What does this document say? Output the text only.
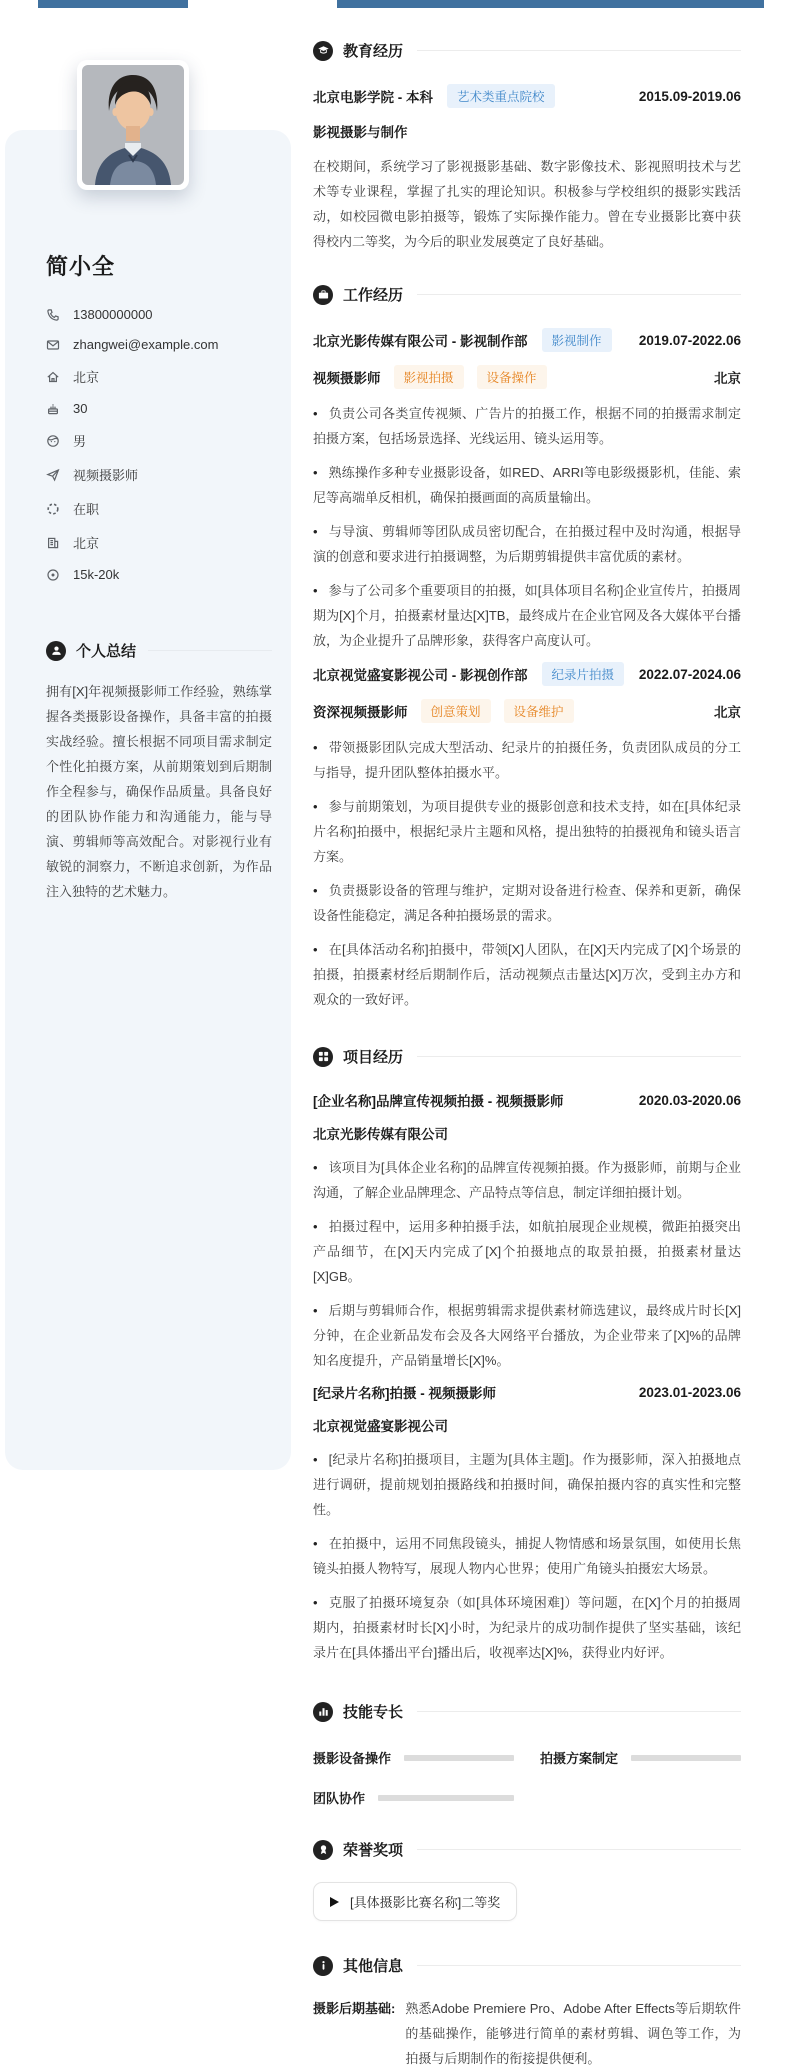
简小全
13800000000
zhangwei@example.com
北京
30
男
视频摄影师
在职
北京
15k-20k
个人总结
拥有[X]年视频摄影师工作经验，熟练掌握各类摄影设备操作，具备丰富的拍摄实战经验。擅长根据不同项目需求制定个性化拍摄方案，从前期策划到后期制作全程参与，确保作品质量。具备良好的团队协作能力和沟通能力，能与导演、剪辑师等高效配合。对影视行业有敏锐的洞察力，不断追求创新，为作品注入独特的艺术魅力。
教育经历
北京电影学院 - 本科	艺术类重点院校	2015.09-2019.06
影视摄影与制作
在校期间，系统学习了影视摄影基础、数字影像技术、影视照明技术与艺术等专业课程，掌握了扎实的理论知识。积极参与学校组织的摄影实践活动，如校园微电影拍摄等，锻炼了实际操作能力。曾在专业摄影比赛中获得校内二等奖，为今后的职业发展奠定了良好基础。
工作经历
北京光影传媒有限公司 - 影视制作部	影视制作	2019.07-2022.06
视频摄影师	影视拍摄	设备操作	北京
• 负责公司各类宣传视频、广告片的拍摄工作，根据不同的拍摄需求制定拍摄方案，包括场景选择、光线运用、镜头运用等。
• 熟练操作多种专业摄影设备，如RED、ARRI等电影级摄影机，佳能、索尼等高端单反相机，确保拍摄画面的高质量输出。
• 与导演、剪辑师等团队成员密切配合，在拍摄过程中及时沟通，根据导演的创意和要求进行拍摄调整，为后期剪辑提供丰富优质的素材。
• 参与了公司多个重要项目的拍摄，如[具体项目名称]企业宣传片，拍摄周期为[X]个月，拍摄素材量达[X]TB，最终成片在企业官网及各大媒体平台播放，为企业提升了品牌形象，获得客户高度认可。
北京视觉盛宴影视公司 - 影视创作部	纪录片拍摄	2022.07-2024.06
资深视频摄影师	创意策划	设备维护	北京
• 带领摄影团队完成大型活动、纪录片的拍摄任务，负责团队成员的分工与指导，提升团队整体拍摄水平。
• 参与前期策划，为项目提供专业的摄影创意和技术支持，如在[具体纪录片名称]拍摄中，根据纪录片主题和风格，提出独特的拍摄视角和镜头语言方案。
• 负责摄影设备的管理与维护，定期对设备进行检查、保养和更新，确保设备性能稳定，满足各种拍摄场景的需求。
• 在[具体活动名称]拍摄中，带领[X]人团队，在[X]天内完成了[X]个场景的拍摄，拍摄素材经后期制作后，活动视频点击量达[X]万次，受到主办方和观众的一致好评。
项目经历
[企业名称]品牌宣传视频拍摄 - 视频摄影师	2020.03-2020.06
北京光影传媒有限公司
• 该项目为[具体企业名称]的品牌宣传视频拍摄。作为摄影师，前期与企业沟通，了解企业品牌理念、产品特点等信息，制定详细拍摄计划。
• 拍摄过程中，运用多种拍摄手法，如航拍展现企业规模，微距拍摄突出产品细节，在[X]天内完成了[X]个拍摄地点的取景拍摄，拍摄素材量达[X]GB。
• 后期与剪辑师合作，根据剪辑需求提供素材筛选建议，最终成片时长[X]分钟，在企业新品发布会及各大网络平台播放，为企业带来了[X]%的品牌知名度提升，产品销量增长[X]%。
[纪录片名称]拍摄 - 视频摄影师	2023.01-2023.06
北京视觉盛宴影视公司
• [纪录片名称]拍摄项目，主题为[具体主题]。作为摄影师，深入拍摄地点进行调研，提前规划拍摄路线和拍摄时间，确保拍摄内容的真实性和完整性。
• 在拍摄中，运用不同焦段镜头，捕捉人物情感和场景氛围，如使用长焦镜头拍摄人物特写，展现人物内心世界；使用广角镜头拍摄宏大场景。
• 克服了拍摄环境复杂（如[具体环境困难]）等问题，在[X]个月的拍摄周期内，拍摄素材时长[X]小时，为纪录片的成功制作提供了坚实基础，该纪录片在[具体播出平台]播出后，收视率达[X]%，获得业内好评。
技能专长
摄影设备操作	拍摄方案制定
团队协作
荣誉奖项
[具体摄影比赛名称]二等奖
其他信息
摄影后期基础: 熟悉Adobe Premiere Pro、Adobe After Effects等后期软件的基础操作，能够进行简单的素材剪辑、调色等工作，为拍摄与后期制作的衔接提供便利。
